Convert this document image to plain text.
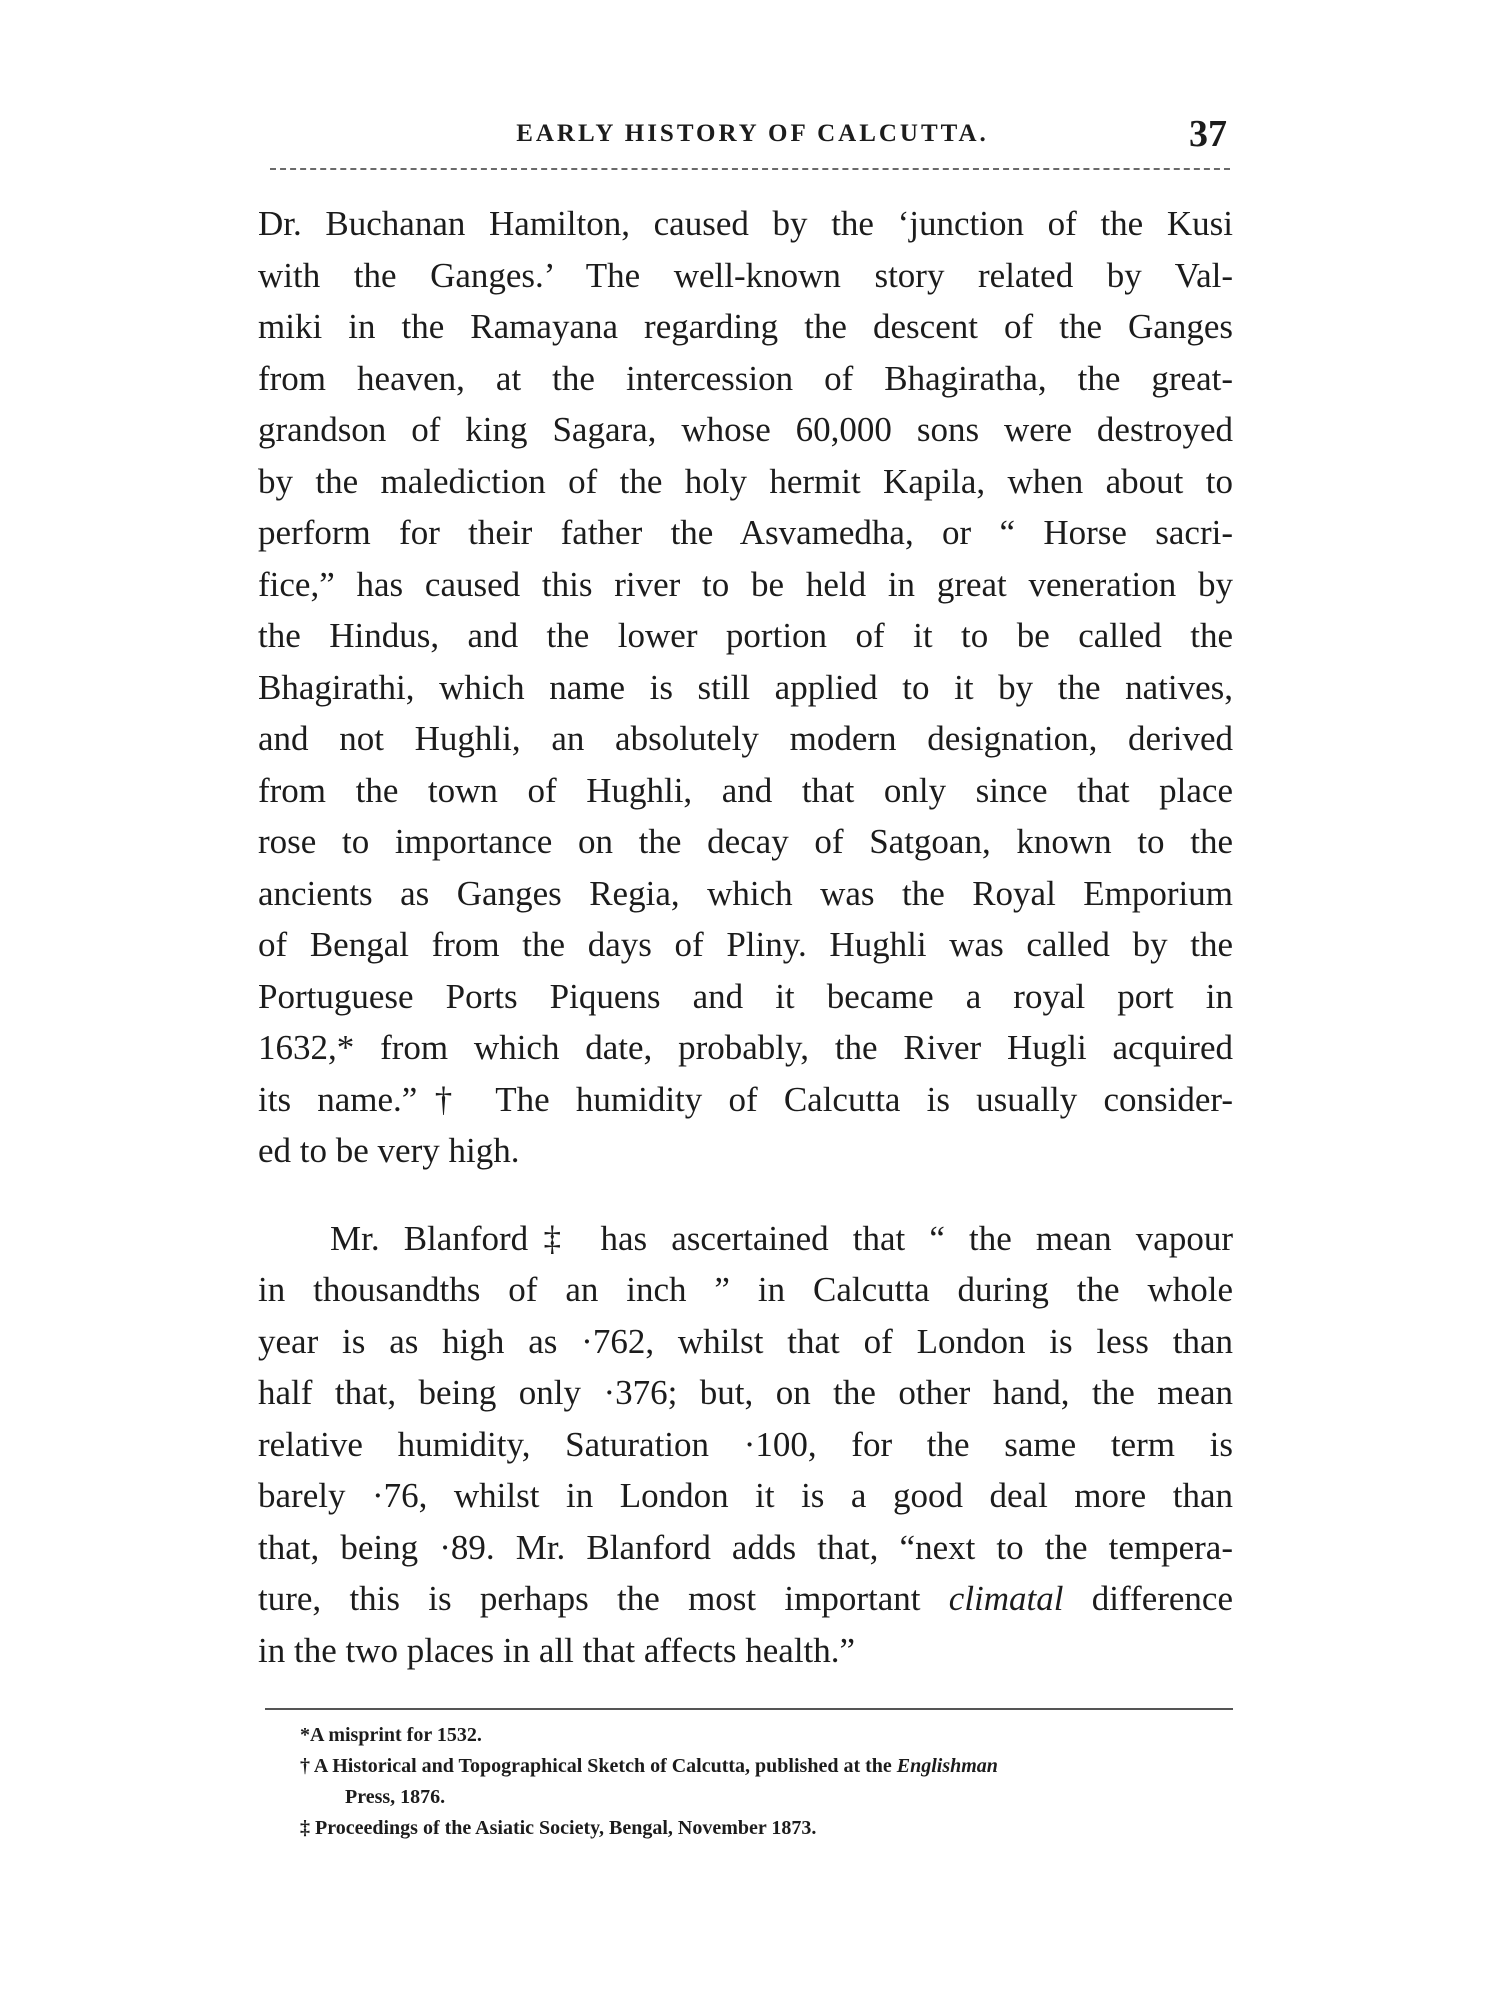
EARLY HISTORY OF CALCUTTA.	37

Dr. Buchanan Hamilton, caused by the ‘junction of the Kusi
with the Ganges.’ The well-known story related by Val-
miki in the Ramayana regarding the descent of the Ganges
from heaven, at the intercession of Bhagiratha, the great-
grandson of king Sagara, whose 60,000 sons were destroyed
by the malediction of the holy hermit Kapila, when about to
perform for their father the Asvamedha, or “ Horse sacri-
fice,” has caused this river to be held in great veneration by
the Hindus, and the lower portion of it to be called the
Bhagirathi, which name is still applied to it by the natives,
and not Hughli, an absolutely modern designation, derived
from the town of Hughli, and that only since that place
rose to importance on the decay of Satgoan, known to the
ancients as Ganges Regia, which was the Royal Emporium
of Bengal from the days of Pliny. Hughli was called by the
Portuguese Ports Piquens and it became a royal port in
1632,* from which date, probably, the River Hugli acquired
its name.”† The humidity of Calcutta is usually consider-
ed to be very high.

Mr. Blanford‡ has ascertained that “ the mean vapour
in thousandths of an inch ” in Calcutta during the whole
year is as high as ·762, whilst that of London is less than
half that, being only ·376; but, on the other hand, the mean
relative humidity, Saturation ·100, for the same term is
barely ·76, whilst in London it is a good deal more than
that, being ·89. Mr. Blanford adds that, “next to the tempera-
ture, this is perhaps the most important climatal difference
in the two places in all that affects health.”

*A misprint for 1532.
† A Historical and Topographical Sketch of Calcutta, published at the Englishman
Press, 1876.
‡ Proceedings of the Asiatic Society, Bengal, November 1873.
